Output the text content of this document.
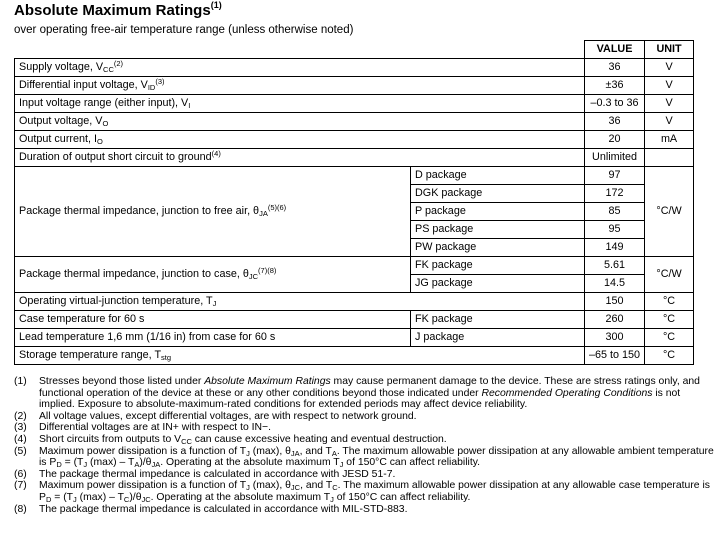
Absolute Maximum Ratings$^{(1)}$
over operating free-air temperature range (unless otherwise noted)
		VALUE	UNIT
Supply voltage, $V_{CC}^{(2)}$		36	V
Differential input voltage, $V_{ID}^{(3)}$		±36	V
Input voltage range (either input), $V_I$		–0.3 to 36	V
Output voltage, $V_O$		36	V
Output current, $I_O$		20	mA
Duration of output short circuit to ground$^{(4)}$		Unlimited	
Package thermal impedance, junction to free air, $\theta_{JA}^{(5)(6)}$	D package	97	°C/W
	DGK package	172	
	P package	85	
	PS package	95	
	PW package	149	
Package thermal impedance, junction to case, $\theta_{JC}^{(7)(8)}$	FK package	5.61	°C/W
	JG package	14.5	
Operating virtual-junction temperature, $T_J$		150	°C
Case temperature for 60 s	FK package	260	°C
Lead temperature 1,6 mm (1/16 in) from case for 60 s	J package	300	°C
Storage temperature range, $T_{stg}$		–65 to 150	°C
(1)	Stresses beyond those listed under Absolute Maximum Ratings may cause permanent damage to the device. These are stress ratings only, and functional operation of the device at these or any other conditions beyond those indicated under Recommended Operating Conditions is not implied. Exposure to absolute-maximum-rated conditions for extended periods may affect device reliability.
(2)	All voltage values, except differential voltages, are with respect to network ground.
(3)	Differential voltages are at IN+ with respect to IN−.
(4)	Short circuits from outputs to $V_{CC}$ can cause excessive heating and eventual destruction.
(5)	Maximum power dissipation is a function of $T_J$ (max), $\theta_{JA}$, and $T_A$. The maximum allowable power dissipation at any allowable ambient temperature is $P_D = (T_J$ $(\max) - T_A)/\theta_{JA}$. Operating at the absolute maximum $T_J$ of 150°C can affect reliability.
(6)	The package thermal impedance is calculated in accordance with JESD 51-7.
(7)	Maximum power dissipation is a function of $T_J$ (max), $\theta_{JC}$, and $T_C$. The maximum allowable power dissipation at any allowable case temperature is $P_D = (T_J$ $(\max) - T_C)/\theta_{JC}$. Operating at the absolute maximum $T_J$ of 150°C can affect reliability.
(8)	The package thermal impedance is calculated in accordance with MIL-STD-883.
